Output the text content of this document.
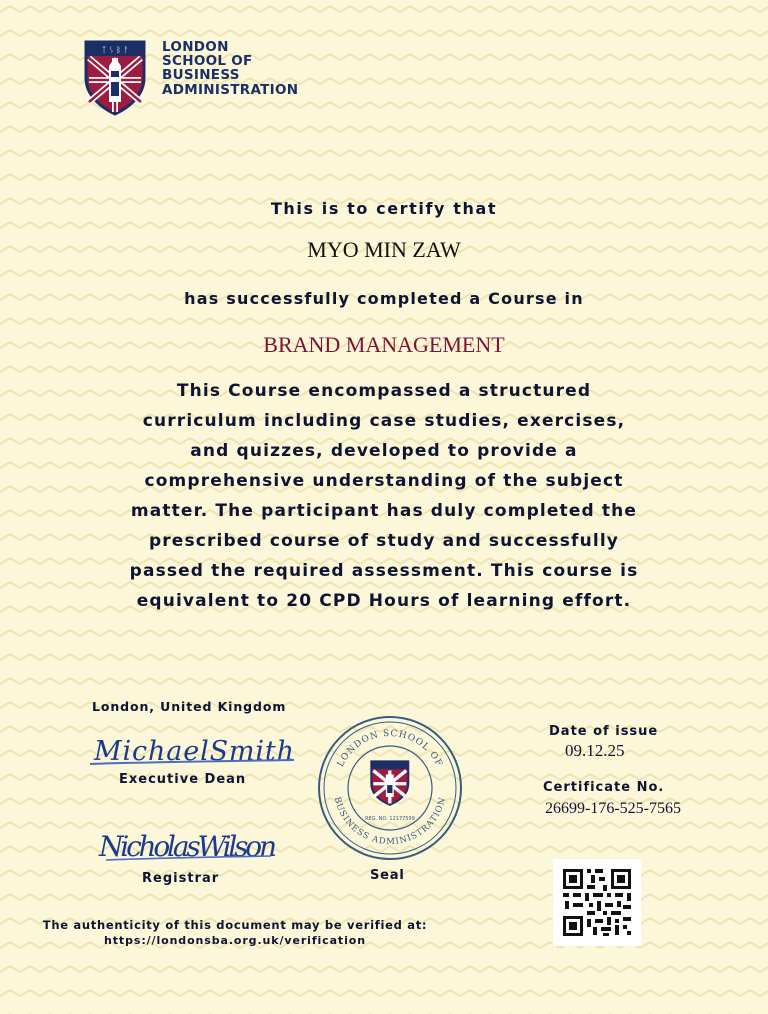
ᛏ ᛊ ᛒ ᚨ LONDON
SCHOOL OF
BUSINESS
ADMINISTRATION
This is to certify that
MYO MIN ZAW
has successfully completed a Course in
BRAND MANAGEMENT
This Course encompassed a structured
curriculum including case studies, exercises,
and quizzes, developed to provide a
comprehensive understanding of the subject
matter. The participant has duly completed the
prescribed course of study and successfully
passed the required assessment. This course is
equivalent to 20 CPD Hours of learning effort.
London, United Kingdom
MichaelSmith
Executive Dean
NicholasWilson
Registrar
LONDON SCHOOL OF
BUSINESS ADMINISTRATION
REG. NO. 12177599
Seal
Date of issue
09.12.25
Certificate No.
26699-176-525-7565
The authenticity of this document may be verified at:
https://londonsba.org.uk/verification
